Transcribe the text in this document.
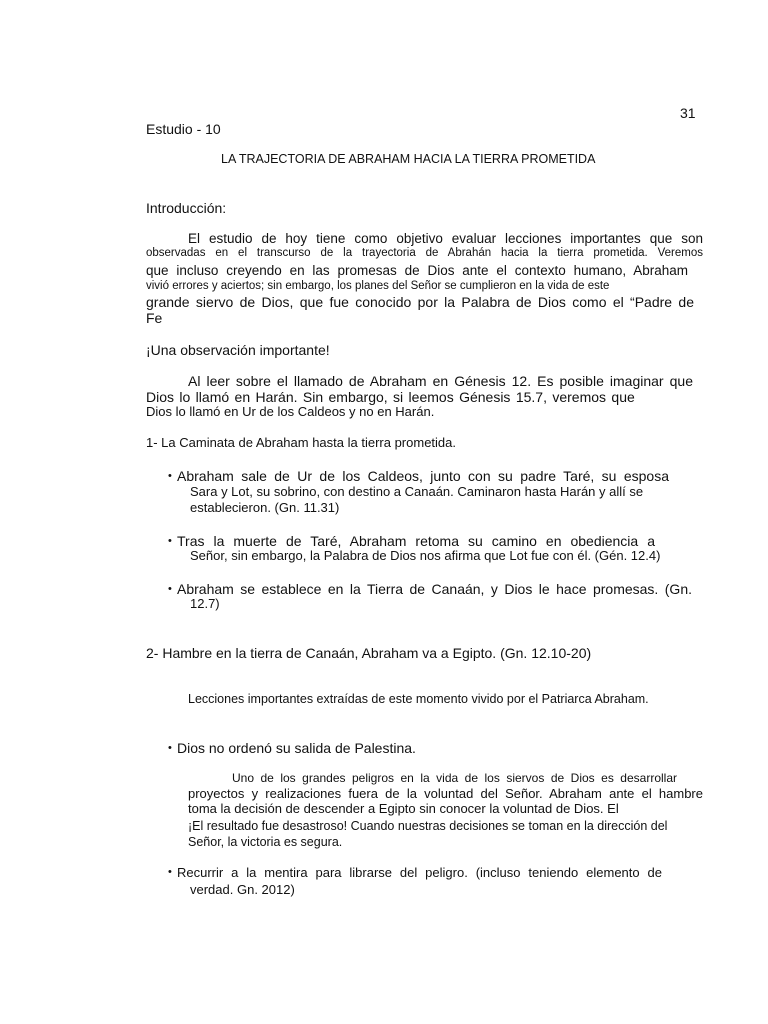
31

Estudio - 10

LA TRAJECTORIA DE ABRAHAM HACIA LA TIERRA PROMETIDA

Introducción:

El estudio de hoy tiene como objetivo evaluar lecciones importantes que son

observadas en el transcurso de la trayectoria de Abrahán hacia la tierra prometida. Veremos

que incluso creyendo en las promesas de Dios ante el contexto humano, Abraham

vivió errores y aciertos; sin embargo, los planes del Señor se cumplieron en la vida de este

grande siervo de Dios, que fue conocido por la Palabra de Dios como el “Padre de

Fe

¡Una observación importante!

Al leer sobre el llamado de Abraham en Génesis 12. Es posible imaginar que

Dios lo llamó en Harán. Sin embargo, si leemos Génesis 15.7, veremos que

Dios lo llamó en Ur de los Caldeos y no en Harán.

1- La Caminata de Abraham hasta la tierra prometida.

• Abraham sale de Ur de los Caldeos, junto con su padre Taré, su esposa

Sara y Lot, su sobrino, con destino a Canaán. Caminaron hasta Harán y allí se

establecieron. (Gn. 11.31)

• Tras la muerte de Taré, Abraham retoma su camino en obediencia a

Señor, sin embargo, la Palabra de Dios nos afirma que Lot fue con él. (Gén. 12.4)

• Abraham se establece en la Tierra de Canaán, y Dios le hace promesas. (Gn.

12.7)

2- Hambre en la tierra de Canaán, Abraham va a Egipto. (Gn. 12.10-20)

Lecciones importantes extraídas de este momento vivido por el Patriarca Abraham.

• Dios no ordenó su salida de Palestina.

Uno de los grandes peligros en la vida de los siervos de Dios es desarrollar

proyectos y realizaciones fuera de la voluntad del Señor. Abraham ante el hambre

toma la decisión de descender a Egipto sin conocer la voluntad de Dios. El

¡El resultado fue desastroso! Cuando nuestras decisiones se toman en la dirección del

Señor, la victoria es segura.

• Recurrir a la mentira para librarse del peligro. (incluso teniendo elemento de

verdad. Gn. 2012)
